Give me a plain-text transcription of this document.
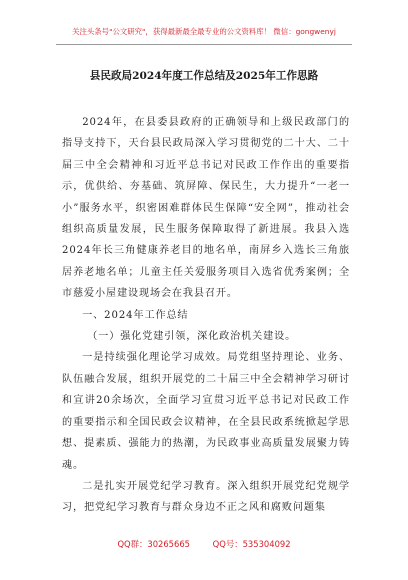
关注头条号"公文研究"，获得最新最全最专业的公文资料库！ 微信：gongwenyj
县民政局2024年度工作总结及2025年工作思路

2024年，在县委县政府的正确领导和上级民政部门的指导支持下，天台县民政局深入学习贯彻党的二十大、二十届三中全会精神和习近平总书记对民政工作作出的重要指示，优供给、夯基础、筑屏障、保民生，大力提升“一老一小”服务水平，织密困难群体民生保障“安全网”，推动社会组织高质量发展，民生服务保障取得了新进展。我县入选2024年长三角健康养老目的地名单，南屏乡入选长三角旅居养老地名单；儿童主任关爱服务项目入选省优秀案例；全市慈爱小屋建设现场会在我县召开。

一、2024年工作总结

（一）强化党建引领，深化政治机关建设。

一是持续强化理论学习成效。局党组坚持理论、业务、队伍融合发展，组织开展党的二十届三中全会精神学习研讨和宣讲20余场次，全面学习宣贯习近平总书记对民政工作的重要指示和全国民政会议精神，在全县民政系统掀起学思想、提素质、强能力的热潮，为民政事业高质量发展聚力铸魂。

二是扎实开展党纪学习教育。深入组织开展党纪党规学习，把党纪学习教育与群众身边不正之风和腐败问题集

QQ群：30265665	QQ号：535304092
